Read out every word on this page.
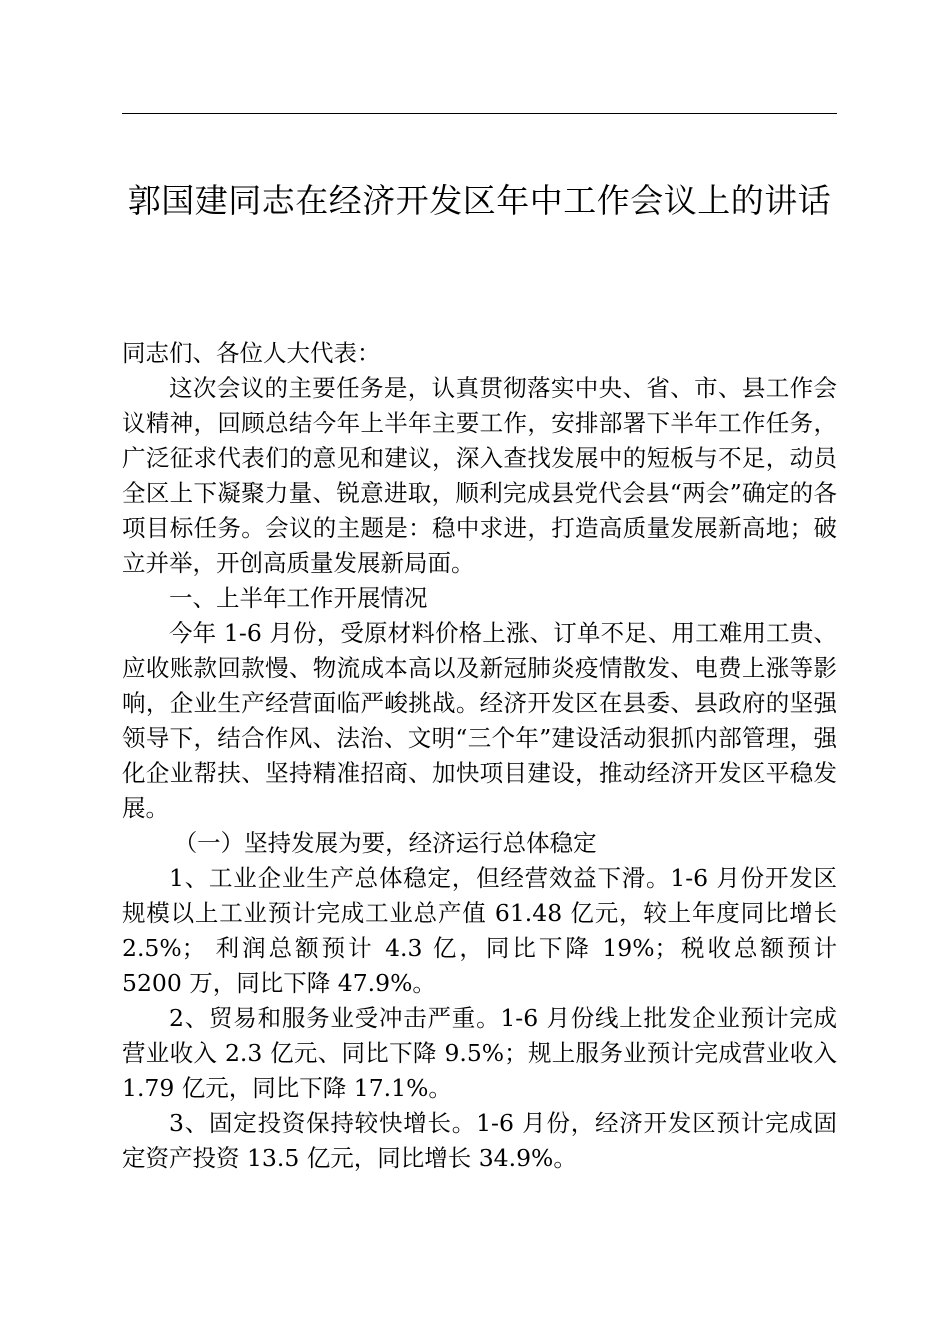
郭国建同志在经济开发区年中工作会议上的讲话

同志们、各位人大代表：

这次会议的主要任务是，认真贯彻落实中央、省、市、县工作会议精神，回顾总结今年上半年主要工作，安排部署下半年工作任务，广泛征求代表们的意见和建议，深入查找发展中的短板与不足，动员全区上下凝聚力量、锐意进取，顺利完成县党代会县“两会”确定的各项目标任务。会议的主题是：稳中求进，打造高质量发展新高地；破立并举，开创高质量发展新局面。

一、上半年工作开展情况

今年 1-6 月份，受原材料价格上涨、订单不足、用工难用工贵、应收账款回款慢、物流成本高以及新冠肺炎疫情散发、电费上涨等影响，企业生产经营面临严峻挑战。经济开发区在县委、县政府的坚强领导下，结合作风、法治、文明“三个年”建设活动狠抓内部管理，强化企业帮扶、坚持精准招商、加快项目建设，推动经济开发区平稳发展。

（一）坚持发展为要，经济运行总体稳定

1、工业企业生产总体稳定，但经营效益下滑。1-6 月份开发区规模以上工业预计完成工业总产值 61.48 亿元，较上年度同比增长 2.5%； 利润总额预计 4.3 亿，同比下降 19%；税收总额预计 5200 万，同比下降 47.9%。

2、贸易和服务业受冲击严重。1-6 月份线上批发企业预计完成营业收入 2.3 亿元、同比下降 9.5%；规上服务业预计完成营业收入 1.79 亿元，同比下降 17.1%。

3、固定投资保持较快增长。1-6 月份，经济开发区预计完成固定资产投资 13.5 亿元，同比增长 34.9%。
